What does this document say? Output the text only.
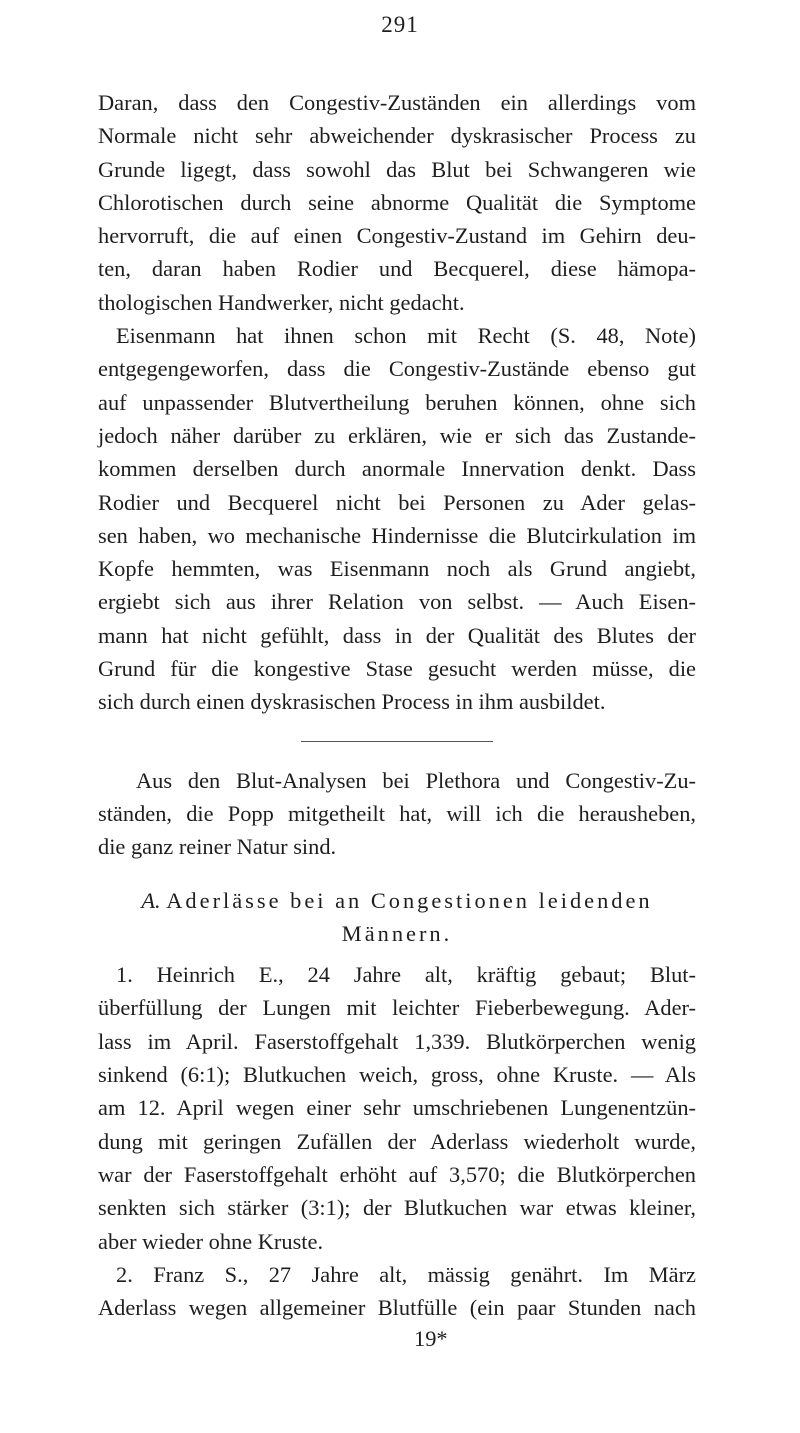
291
Daran, dass den Congestiv-Zuständen ein allerdings vom
Normale nicht sehr abweichender dyskrasischer Process zu
Grunde ligegt, dass sowohl das Blut bei Schwangeren wie
Chlorotischen durch seine abnorme Qualität die Symptome
hervorruft, die auf einen Congestiv-Zustand im Gehirn deu-
ten, daran haben Rodier und Becquerel, diese hämopa-
thologischen Handwerker, nicht gedacht.
Eisenmann hat ihnen schon mit Recht (S. 48, Note)
entgegengeworfen, dass die Congestiv-Zustände ebenso gut
auf unpassender Blutvertheilung beruhen können, ohne sich
jedoch näher darüber zu erklären, wie er sich das Zustande-
kommen derselben durch anormale Innervation denkt. Dass
Rodier und Becquerel nicht bei Personen zu Ader gelas-
sen haben, wo mechanische Hindernisse die Blutcirkulation im
Kopfe hemmten, was Eisenmann noch als Grund angiebt,
ergiebt sich aus ihrer Relation von selbst. — Auch Eisen-
mann hat nicht gefühlt, dass in der Qualität des Blutes der
Grund für die kongestive Stase gesucht werden müsse, die
sich durch einen dyskrasischen Process in ihm ausbildet.
Aus den Blut-Analysen bei Plethora und Congestiv-Zu-
ständen, die Popp mitgetheilt hat, will ich die herausheben,
die ganz reiner Natur sind.
A. Aderlässe bei an Congestionen leidenden
Männern.
1. Heinrich E., 24 Jahre alt, kräftig gebaut; Blut-
überfüllung der Lungen mit leichter Fieberbewegung. Ader-
lass im April. Faserstoffgehalt 1,339. Blutkörperchen wenig
sinkend (6:1); Blutkuchen weich, gross, ohne Kruste. — Als
am 12. April wegen einer sehr umschriebenen Lungenentzün-
dung mit geringen Zufällen der Aderlass wiederholt wurde,
war der Faserstoffgehalt erhöht auf 3,570; die Blutkörperchen
senkten sich stärker (3:1); der Blutkuchen war etwas kleiner,
aber wieder ohne Kruste.
2. Franz S., 27 Jahre alt, mässig genährt. Im März
Aderlass wegen allgemeiner Blutfülle (ein paar Stunden nach
19*
